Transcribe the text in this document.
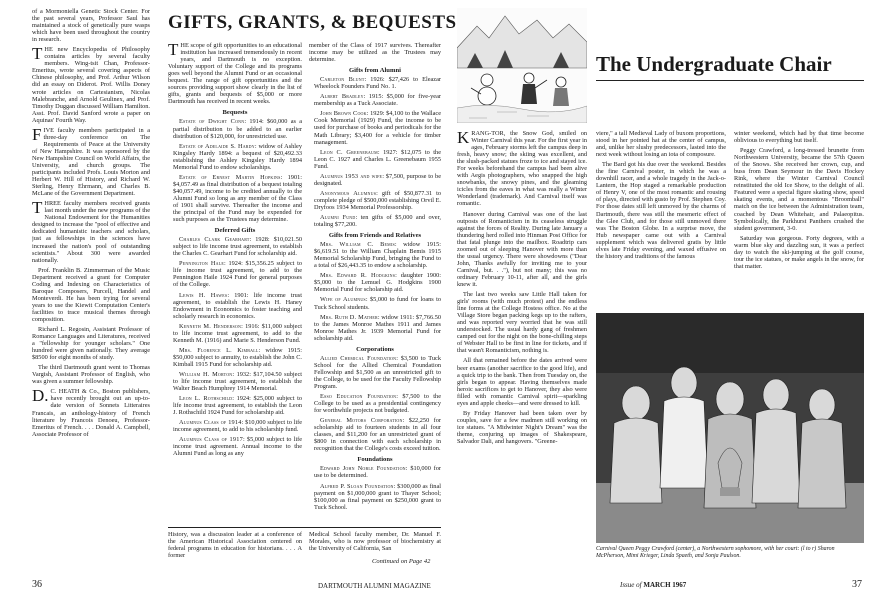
of a Mormoniella Genetic Stock Center. For the past several years, Professor Saul has maintained a stock of genetically pure wasps which have been used throughout the country in research.

THE new Encyclopedia of Philosophy contains articles by several faculty members. Wing-tsit Chan, Professor-Emeritus, wrote several covering aspects of Chinese philosophy, and Prof. Arthur Wilson did an essay on Diderot. Prof. Willis Doney wrote articles on Cartesianism, Nicolas Malebranche, and Arnold Geulinex, and Prof. Timothy Duggan discussed William Hamilton. Asst. Prof. David Sanford wrote a paper on Aquinas' Fourth Way.

FIVE faculty members participated in a three-day conference on The Requirements of Peace at the University of New Hampshire. It was sponsored by the New Hampshire Council on World Affairs, the University, and church groups. The participants included Profs. Louis Morton and Herbert W. Hill of History, and Richard W. Sterling, Henry Ehrmann, and Charles B. McLane of the Government Department.

THREE faculty members received grants last month under the new programs of the National Endowment for the Humanities designed to increase the "pool of effective and dedicated humanistic teachers and scholars, just as fellowships in the sciences have increased the nation's pool of outstanding scientists." About 300 were awarded nationally.

Prof. Franklin B. Zimmerman of the Music Department received a grant for Computer Coding and Indexing on Characteristics of Baroque Composers, Purcell, Handel and Monteverdi. He has been trying for several years to use the Kiewit Computation Center's facilities to trace musical themes through composition.

Richard L. Regosin, Assistant Professor of Romance Languages and Literatures, received a "fellowship for younger scholars." One hundred were given nationally. They average $8500 for eight months of study.

The third Dartmouth grant went to Thomas Vargish, Assistant Professor of English, who was given a summer fellowship.

D. C. HEATH & Co., Boston publishers, have recently brought out an up-to-date version of Sonnets Litteraires Francais, an anthology-history of French literature by Francois Denoeu, Professor-Emeritus of French. . . . Donald A. Campbell, Associate Professor of

GIFTS, GRANTS, & BEQUESTS

THE scope of gift opportunities to an educational institution has increased tremendously in recent years, and Dartmouth is no exception. Voluntary support of the College and its programs goes well beyond the Alumni Fund or an occasional bequest. The range of gift opportunities and the sources providing support show clearly in the list of gifts, grants and bequests of $5,000 or more Dartmouth has received in recent weeks.

Bequests

Estate of Dwight Conn: 1914: $60,000 as a partial distribution to be added to an earlier distribution of $120,000, for unrestricted use.

Estate of Adelaide S. Hardy: widow of Ashley Kingsley Hardy 1894: a bequest of $20,492.33 establishing the Ashley Kingsley Hardy 1894 Memorial Fund to endow scholarships.

Estate of Ernest Martin Hopkins: 1901: $4,057.49 as final distribution of a bequest totaling $40,057.49, income to be credited annually to the Alumni Fund so long as any member of the Class of 1901 shall survive. Thereafter the income and the principal of the Fund may be expended for such purposes as the Trustees may determine.

Deferred Gifts

Charles Clark Gearhart: 1928: $10,021.50 subject to life income trust agreement, to establish the Charles C. Gearhart Fund for scholarship aid.

Pennington Hale: 1924: $15,356.25 subject to life income trust agreement, to add to the Pennington Haile 1924 Fund for general purposes of the College.

Lewis H. Hawes: 1901: life income trust agreement, to establish the Lewis H. Haney Endowment in Economics to foster teaching and scholarly research in economics.

Kenneth M. Henderson: 1916: $11,000 subject to life income trust agreement, to add to the Kenneth M. (1916) and Marie S. Henderson Fund.

Mrs. Florence L. Kimball: widow 1915: $50,000 subject to annuity, to establish the John C. Kimball 1915 Fund for scholarship aid.

William H. Morton: 1932: $17,104.50 subject to life income trust agreement, to establish the Walter Beach Humphrey 1914 Memorial.

Leon L. Rothschild: 1924: $25,000 subject to life income trust agreement, to establish the Leon J. Rothschild 1924 Fund for scholarship aid.

Alumnus Class of 1914: $10,000 subject to life income agreement, to add to his scholarship fund.

Alumnus Class of 1917: $5,000 subject to life income trust agreement. Annual income to the Alumni Fund as long as any

member of the Class of 1917 survives. Thereafter income may be utilized as the Trustees may determine.

Gifts from Alumni

Carleton Blunt: 1926: $27,426 to Eleazar Wheelock Founders Fund No. 1.

Albert Bradley: 1915: $5,000 for five-year membership as a Tuck Associate.

John Brown Cook: 1929: $4,100 to the Wallace Cook Memorial (1929) Fund, the income to be used for purchase of books and periodicals for the Math Library; $3,400 for a vehicle for timber management.

Leon C. Greenebaum: 1927: $12,075 to the Leon C. 1927 and Charles L. Greenebaum 1955 Fund.

Alumnus 1953 and wife: $7,500, purpose to be designated.

Anonymous Alumnus: gift of $50,877.31 to complete pledge of $500,000 establishing Orvil E. Dryfoos 1934 Memorial Professorship.

Alumni Fund: ten gifts of $5,000 and over, totaling $77,200.

Gifts from Friends and Relatives

Mrs. William C. Bemis: widow 1915: $6,619.51 to the William Chaplain Bemis 1915 Memorial Scholarship Fund, bringing the Fund to a total of $26,443.35 to endow a scholarship.

Mrs. Edward R. Hodgkins: daughter 1900: $5,000 to the Lemuel G. Hodgkins 1900 Memorial Fund for scholarship aid.

Wife of Alumnus: $5,000 to fund for loans to Tuck School students.

Mrs. Ruth D. Mather: widow 1911: $7,766.50 to the James Monroe Mathes 1911 and James Monroe Mathes Jr. 1939 Memorial Fund for scholarship aid.

Corporations

Allied Chemical Foundation: $3,500 to Tuck School for the Allied Chemical Foundation Fellowship and $1,500 as an unrestricted gift to the College, to be used for the Faculty Fellowship Program.

Esso Education Foundation: $7,500 to the College to be used as a presidential contingency for worthwhile projects not budgeted.

General Motors Corporation: $22,250 for scholarship aid to fourteen students in all four classes, and $11,200 for an unrestricted grant of $800 in connection with each scholarship in recognition that the College's costs exceed tuition.

Foundations

Edward John Noble Foundation: $10,000 for use to be determined.

Alfred P. Sloan Foundation: $300,000 as final payment on $1,000,000 grant to Thayer School; $100,000 as final payment on $250,000 grant to Tuck School.

History, was a discussion leader at a conference of the American Historical Association centered on federal programs in education for historians. . . . A former
Medical School faculty member, Dr. Manuel F. Morales, who is now professor of biochemistry at the University of California, San
Continued on Page 42
36	DARTMOUTH ALUMNI MAGAZINE
The Undergraduate Chair

KRANG-TOR, the Snow God, smiled on Winter Carnival this year. For the first year in ages, February storms left the campus deep in fresh, heavy snow; the skiing was excellent, and the slush-packed statues froze to ice and stayed ice. For weeks beforehand the campus had been alive with Aegis photographers, who snapped the high snowbanks, the snowy pines, and the gleaming icicles from the eaves in what was really a Winter Wonderland (trademark). And Carnival itself was romantic.

Hanover during Carnival was one of the last outposts of Romanticism in its ceaseless struggle against the forces of Reality. During late January a thundering herd rolled into Hinman Post Office for that fatal plunge into the mailbox. Roadtrip cars zoomed out of sleeping Hanover with more than the usual urgency. There were showdowns ("Dear John, Thanks awfully for inviting me to your Carnival, but. . ."), but not many; this was no ordinary February 10-11, after all, and the girls knew it.

The last two weeks saw Little Hall taken for girls' rooms (with much protest) and the endless line forms at the College Hostess office. No at the Village Store began packing kegs up to the rafters, and was reported very worried that he was still understocked. The usual hardy gang of freshmen camped out for the night on the bone-chilling steps of Webster Hall to be first in line for tickets, and if that wasn't Romanticism, nothing is.

All that remained before the dates arrived were beer exams (another sacrifice to the good life), and a quick trip to the bank. Then from Tuesday on, the girls began to appear. Having themselves made heroic sacrifices to get to Hanover, they also were filled with romantic Carnival spirit—sparkling eyes and apple cheeks—and were dressed to kill.

By Friday Hanover had been taken over by couples, save for a few madmen still working on ice statues. "A Midwinter Night's Dream" was the theme, conjuring up images of Shakespeare, Salvador Dali, and hangovers. "Greene-

viere," a tall Medieval Lady of buxom proportions, stood in her pointed hat at the center of campus, and, unlike her slushy predecessors, lasted into the next week without losing an iota of composure.

The Bard got his due over the weekend. Besides the fine Carnival poster, in which he was a downhill racer, and a whole tragedy in the Jack-o-Lantern, the Hop staged a remarkable production of Henry V, one of the most romantic and rousing of plays, directed with gusto by Prof. Stephen Coy. For those dates still left unmoved by the charms of Dartmouth, there was still the mesmeric effect of the Glee Club, and for those still unmoved there was The Boston Globe. In a surprise move, the Hub newspaper came out with a Carnival supplement which was delivered gratis by little elves late Friday evening, and waxed effusive on the history and traditions of the famous

winter weekend, which had by that time become oblivious to everything but itself.

Peggy Crawford, a long-tressed brunette from Northwestern University, became the 57th Queen of the Snows. She received her crown, cup, and buss from Dean Seymour in the Davis Hockey Rink, where the Winter Carnival Council reinstituted the old Ice Show, to the delight of all. Featured were a special figure skating show, speed skating events, and a momentous "Broomball" match on the ice between the Administration team, coached by Dean Whitehair, and Palaeopitus. Symbolically, the Parkhurst Panthers crushed the student government, 3-0.

Saturday was gorgeous. Forty degrees, with a warm blue sky and dazzling sun, it was a perfect day to watch the ski-jumping at the golf course, tour the ice statues, or make angels in the snow, for that matter.

Carnival Queen Peggy Crawford (center), a Northwestern sophomore, with her court: (l to r) Sharon McPherson, Mimi Krieger, Linda Spaeth, and Sonja Paulson.
Issue of MARCH 1967	37
